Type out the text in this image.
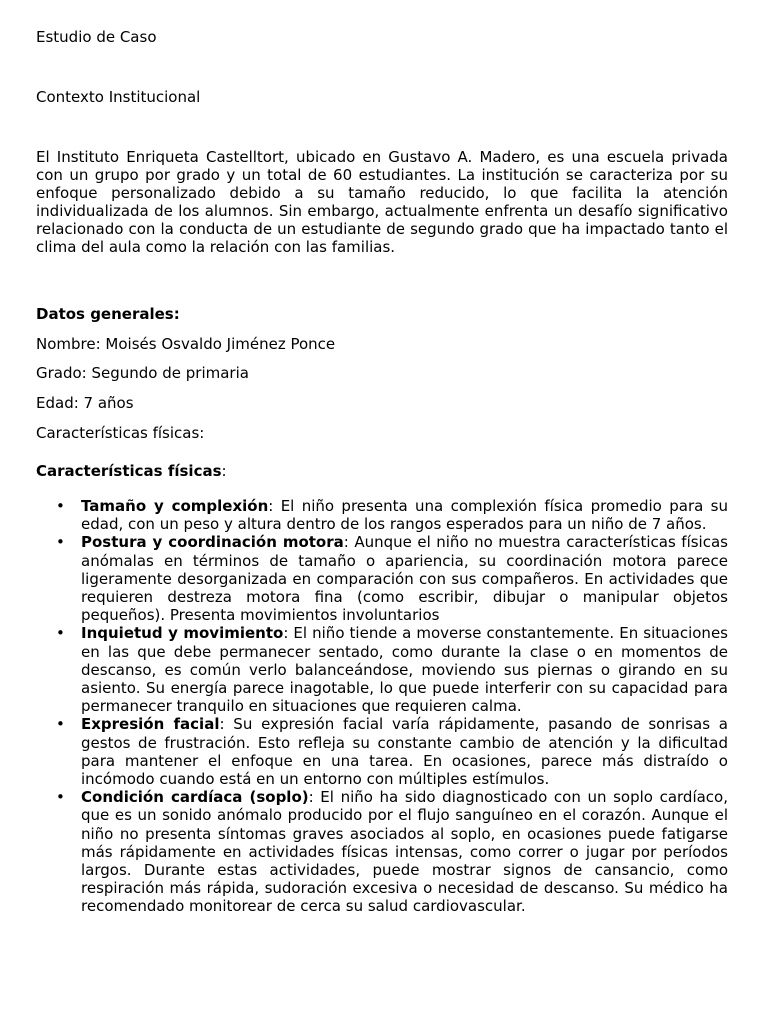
Estudio de Caso

Contexto Institucional

El Instituto Enriqueta Castelltort, ubicado en Gustavo A. Madero, es una escuela privada con un grupo por grado y un total de 60 estudiantes. La institución se caracteriza por su enfoque personalizado debido a su tamaño reducido, lo que facilita la atención individualizada de los alumnos. Sin embargo, actualmente enfrenta un desafío significativo relacionado con la conducta de un estudiante de segundo grado que ha impactado tanto el clima del aula como la relación con las familias.

Datos generales:

Nombre: Moisés Osvaldo Jiménez Ponce

Grado: Segundo de primaria

Edad: 7 años

Características físicas:

Características físicas:

• Tamaño y complexión: El niño presenta una complexión física promedio para su edad, con un peso y altura dentro de los rangos esperados para un niño de 7 años.
• Postura y coordinación motora: Aunque el niño no muestra características físicas anómalas en términos de tamaño o apariencia, su coordinación motora parece ligeramente desorganizada en comparación con sus compañeros. En actividades que requieren destreza motora fina (como escribir, dibujar o manipular objetos pequeños). Presenta movimientos involuntarios
• Inquietud y movimiento: El niño tiende a moverse constantemente. En situaciones en las que debe permanecer sentado, como durante la clase o en momentos de descanso, es común verlo balanceándose, moviendo sus piernas o girando en su asiento. Su energía parece inagotable, lo que puede interferir con su capacidad para permanecer tranquilo en situaciones que requieren calma.
• Expresión facial: Su expresión facial varía rápidamente, pasando de sonrisas a gestos de frustración. Esto refleja su constante cambio de atención y la dificultad para mantener el enfoque en una tarea. En ocasiones, parece más distraído o incómodo cuando está en un entorno con múltiples estímulos.
• Condición cardíaca (soplo): El niño ha sido diagnosticado con un soplo cardíaco, que es un sonido anómalo producido por el flujo sanguíneo en el corazón. Aunque el niño no presenta síntomas graves asociados al soplo, en ocasiones puede fatigarse más rápidamente en actividades físicas intensas, como correr o jugar por períodos largos. Durante estas actividades, puede mostrar signos de cansancio, como respiración más rápida, sudoración excesiva o necesidad de descanso. Su médico ha recomendado monitorear de cerca su salud cardiovascular.
